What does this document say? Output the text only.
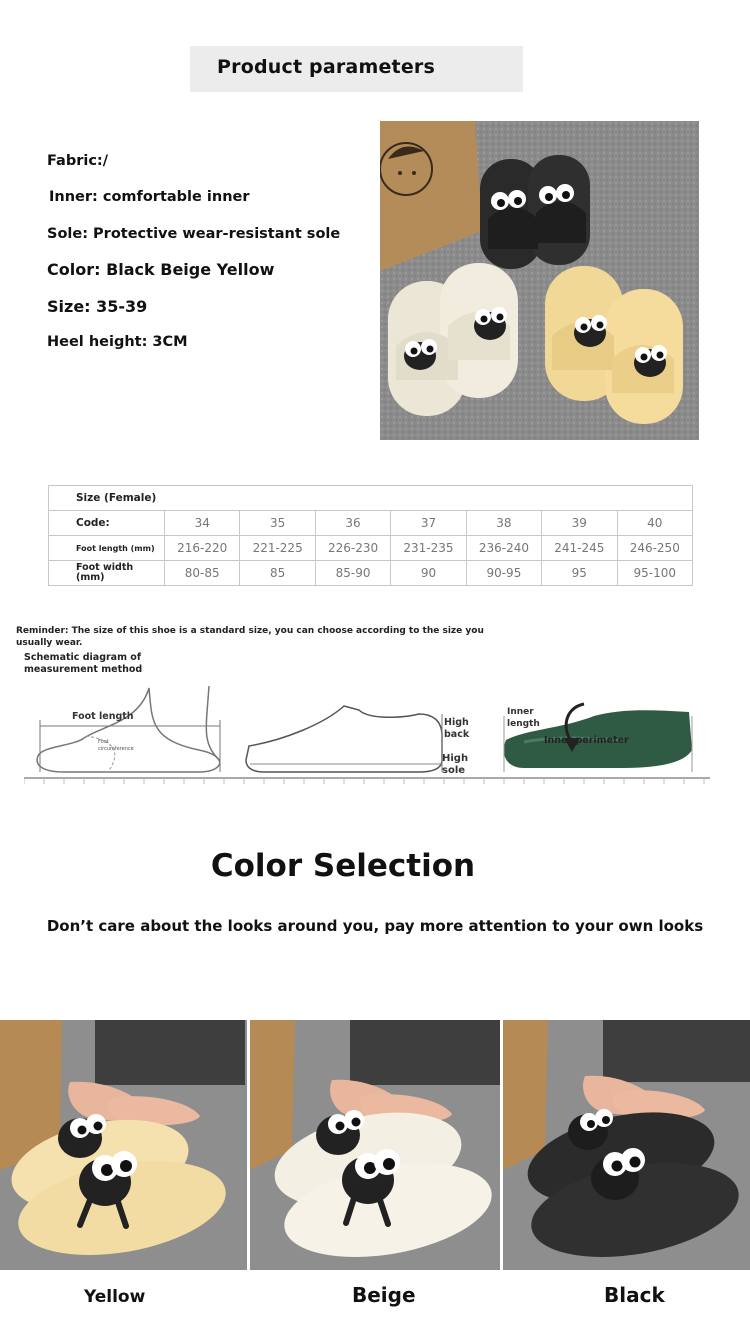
Product parameters
Fabric:/
Inner: comfortable inner
Sole: Protective wear-resistant sole
Color: Black Beige Yellow
Size: 35-39
Heel height: 3CM
Size (Female)							
Code:	34	35	36	37	38	39	40
Foot length (mm)	216-220	221-225	226-230	231-235	236-240	241-245	246-250
Foot width (mm)	80-85	85	85-90	90	90-95	95	95-100
Reminder: The size of this shoe is a standard size, you can choose according to the size you usually wear.
Schematic diagram of measurement method
Foot length
Foot circumference
High back
High sole
Inner length
Inner perimeter
Color Selection
Don’t care about the looks around you, pay more attention to your own looks
Yellow	Beige	Black
